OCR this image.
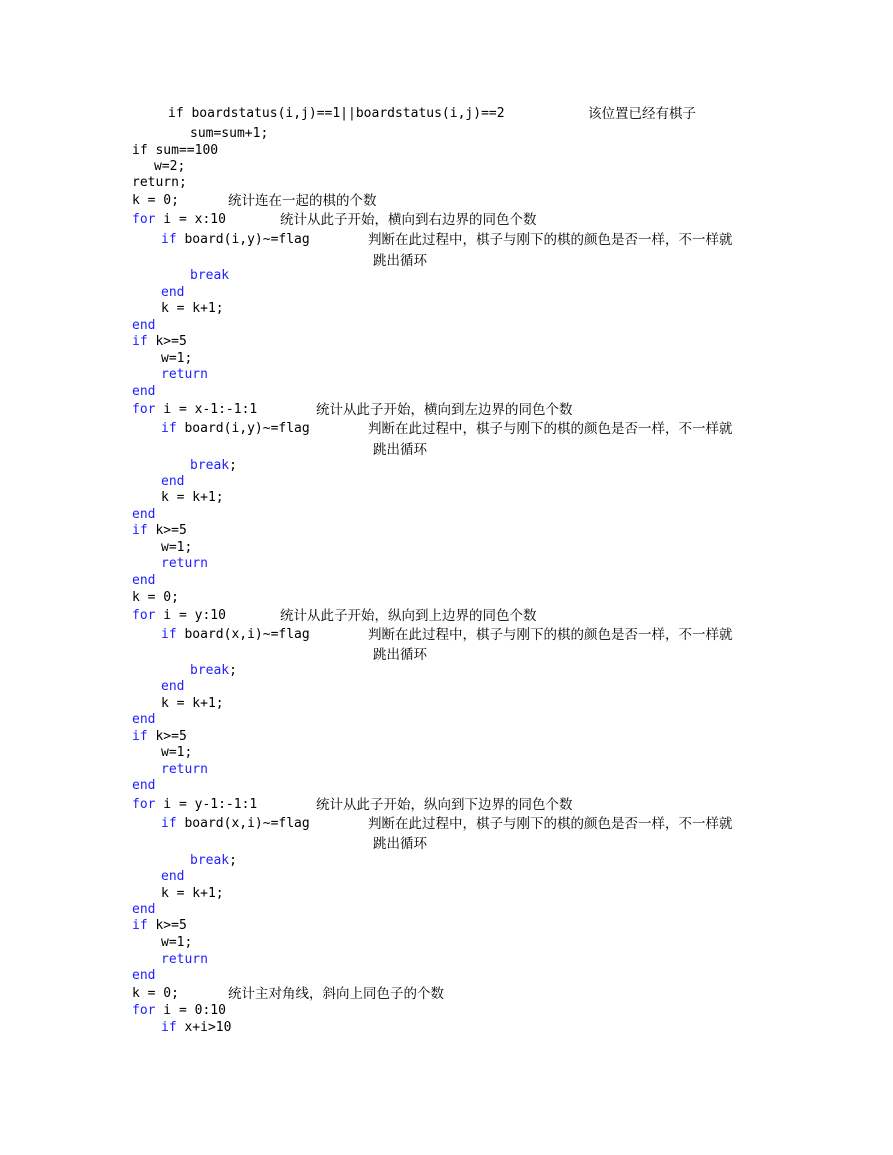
if boardstatus(i,j)==1||boardstatus(i,j)==2	该位置已经有棋子
sum=sum+1;
if sum==100
w=2;
return;
k = 0;	统计连在一起的棋的个数
for i = x:10	统计从此子开始，横向到右边界的同色个数
if board(i,y)~=flag	判断在此过程中，棋子与刚下的棋的颜色是否一样，不一样就
跳出循环
break
end
k = k+1;
end
if k>=5
w=1;
return
end
for i = x-1:-1:1	统计从此子开始，横向到左边界的同色个数
if board(i,y)~=flag	判断在此过程中，棋子与刚下的棋的颜色是否一样，不一样就
跳出循环
break;
end
k = k+1;
end
if k>=5
w=1;
return
end
k = 0;
for i = y:10	统计从此子开始，纵向到上边界的同色个数
if board(x,i)~=flag	判断在此过程中，棋子与刚下的棋的颜色是否一样，不一样就
跳出循环
break;
end
k = k+1;
end
if k>=5
w=1;
return
end
for i = y-1:-1:1	统计从此子开始，纵向到下边界的同色个数
if board(x,i)~=flag	判断在此过程中，棋子与刚下的棋的颜色是否一样，不一样就
跳出循环
break;
end
k = k+1;
end
if k>=5
w=1;
return
end
k = 0;	统计主对角线，斜向上同色子的个数
for i = 0:10
if x+i>10
